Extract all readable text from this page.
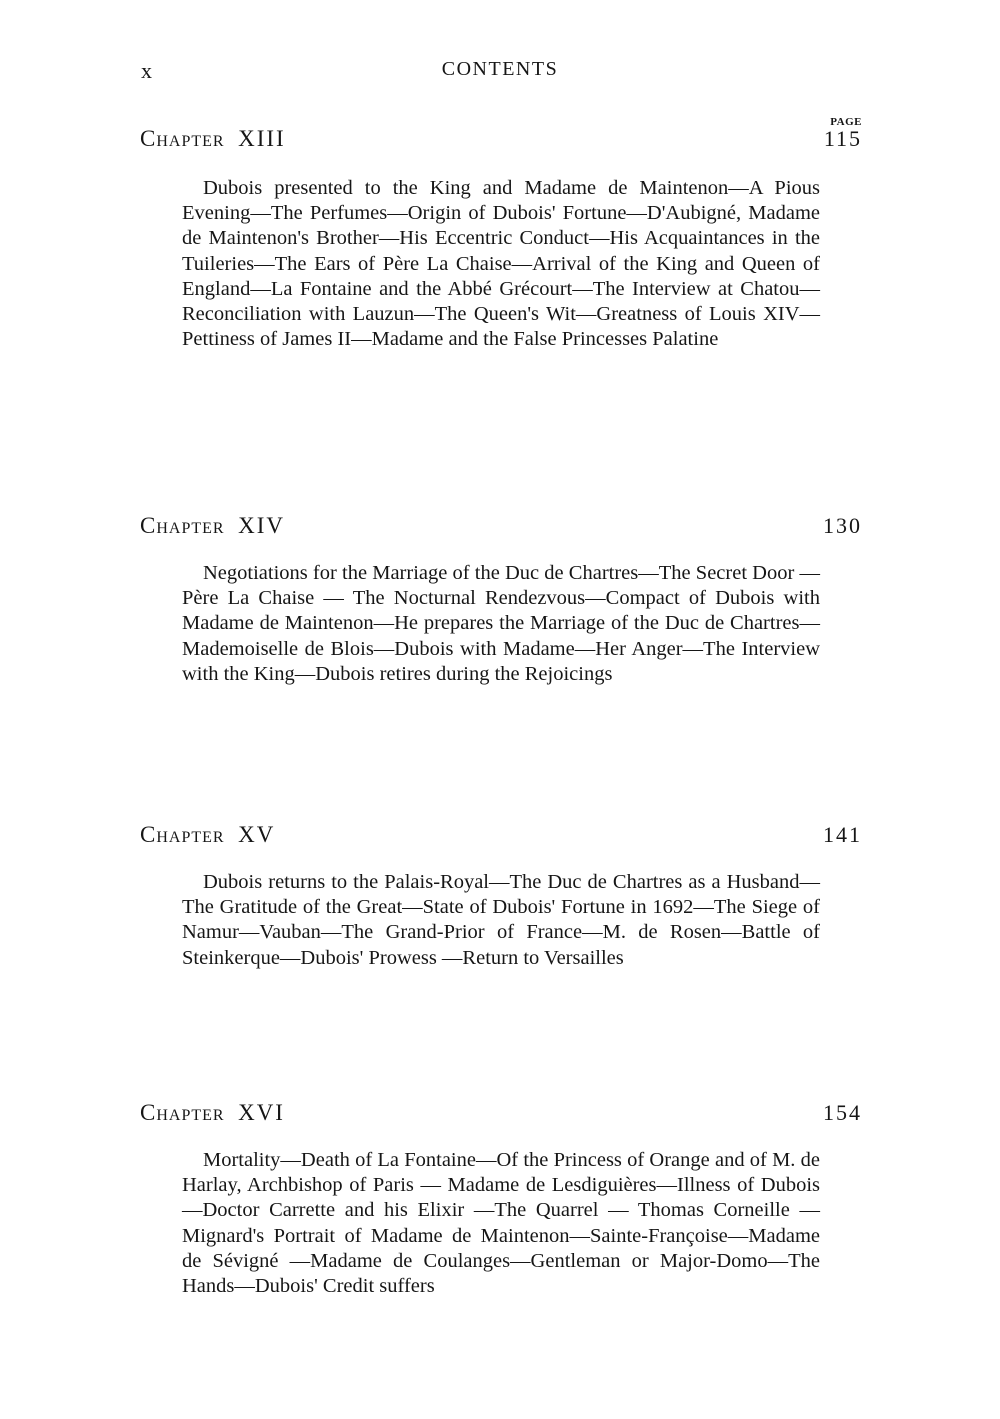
x	CONTENTS
PAGE
Chapter XIII	115

Dubois presented to the King and Madame de Maintenon—A Pious Evening—The Perfumes—Origin of Dubois' Fortune—D'Aubigné, Madame de Maintenon's Brother—His Eccentric Conduct—His Acquaintances in the Tuileries—The Ears of Père La Chaise—Arrival of the King and Queen of England—La Fontaine and the Abbé Grécourt—The Interview at Chatou—Reconciliation with Lauzun—The Queen's Wit—Greatness of Louis XIV—Pettiness of James II—Madame and the False Princesses Palatine

Chapter XIV	130

Negotiations for the Marriage of the Duc de Chartres—The Secret Door — Père La Chaise — The Nocturnal Rendezvous—Compact of Dubois with Madame de Maintenon—He prepares the Marriage of the Duc de Chartres—Mademoiselle de Blois—Dubois with Madame—Her Anger—The Interview with the King—Dubois retires during the Rejoicings

Chapter XV	141

Dubois returns to the Palais-Royal—The Duc de Chartres as a Husband—The Gratitude of the Great—State of Dubois' Fortune in 1692—The Siege of Namur—Vauban—The Grand-Prior of France—M. de Rosen—Battle of Steinkerque—Dubois' Prowess —Return to Versailles

Chapter XVI	154

Mortality—Death of La Fontaine—Of the Princess of Orange and of M. de Harlay, Archbishop of Paris — Madame de Lesdiguières—Illness of Dubois—Doctor Carrette and his Elixir —The Quarrel — Thomas Corneille — Mignard's Portrait of Madame de Maintenon—Sainte-Françoise—Madame de Sévigné —Madame de Coulanges—Gentleman or Major-Domo—The Hands—Dubois' Credit suffers
